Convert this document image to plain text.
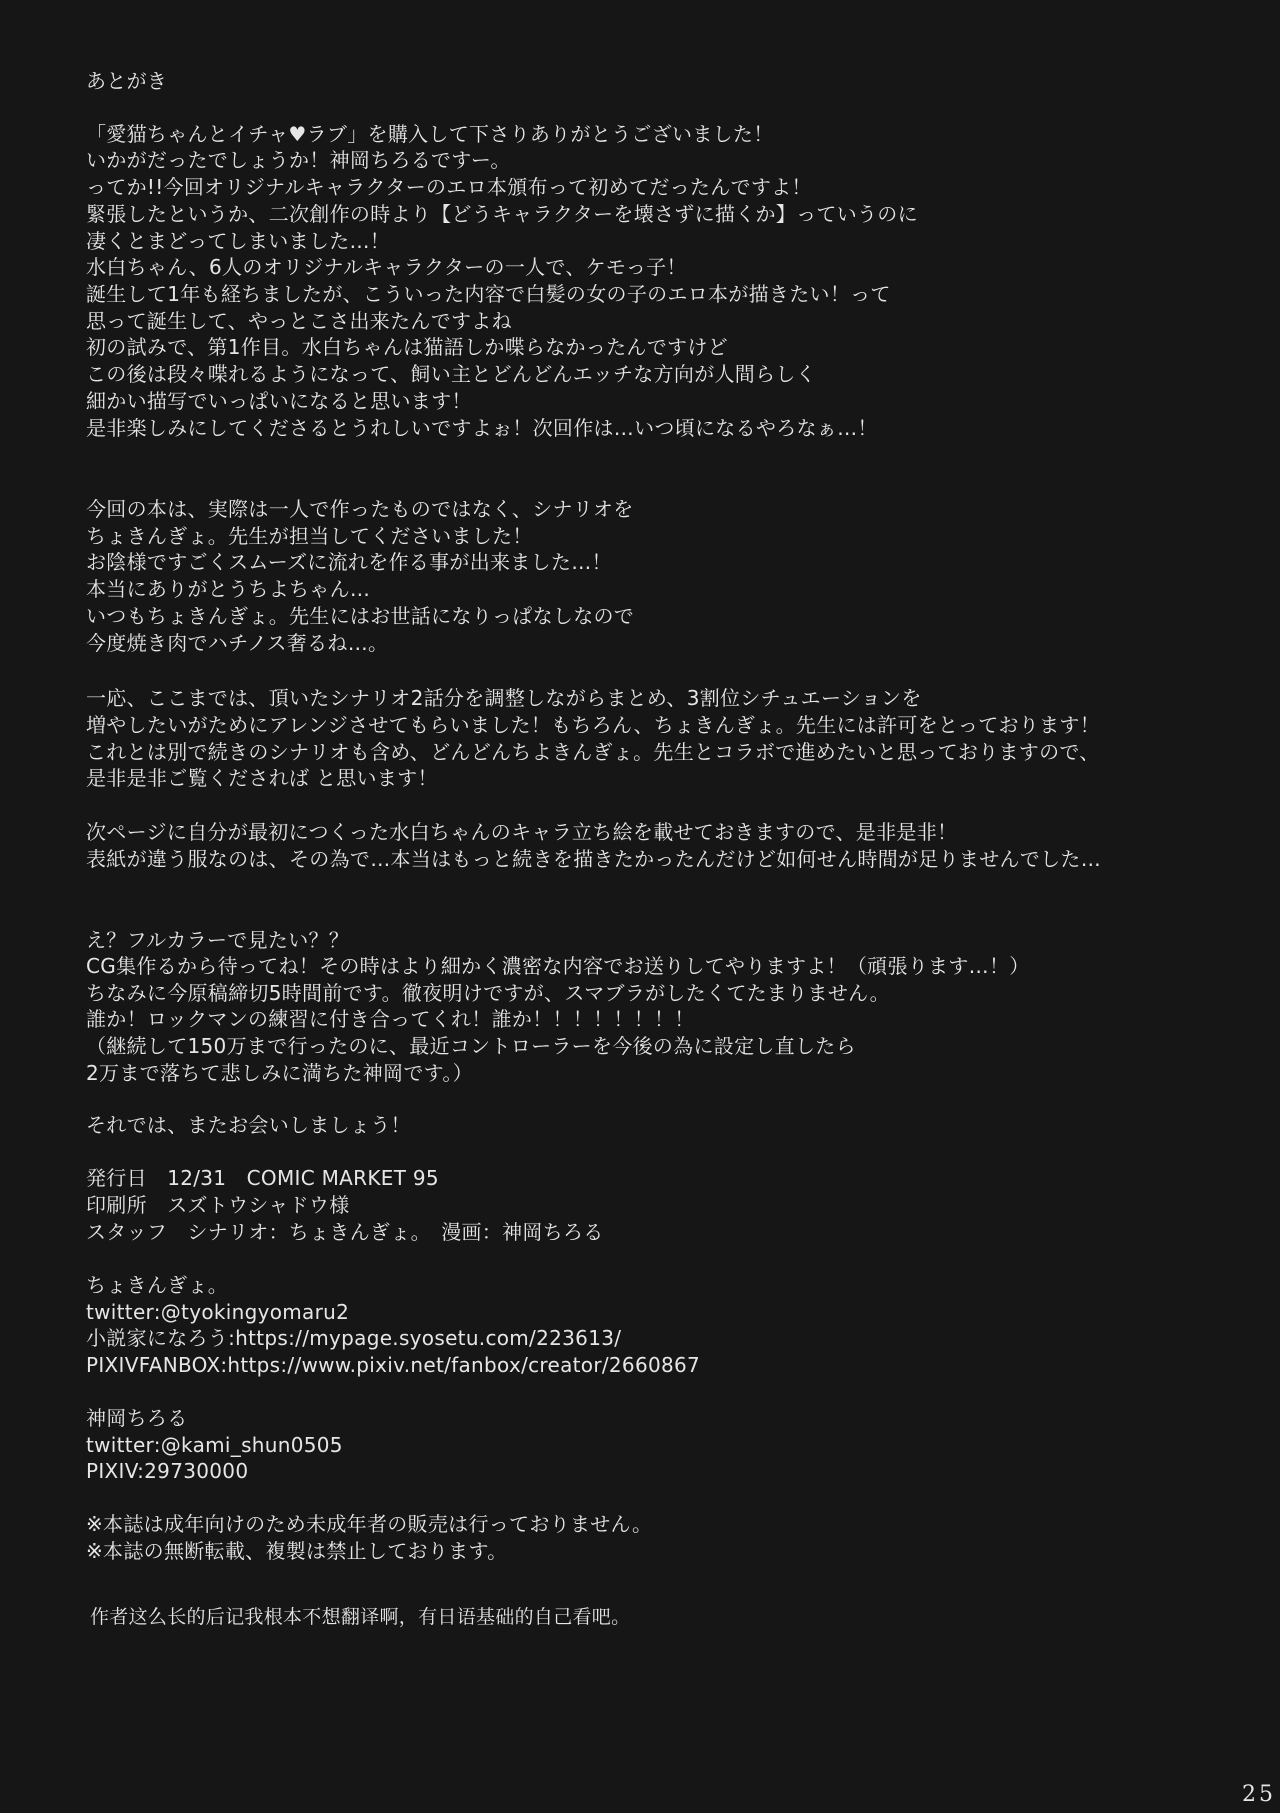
あとがき
「愛猫ちゃんとイチャ♥ラブ」を購入して下さりありがとうございました！
いかがだったでしょうか！神岡ちろるですー。
ってか!!今回オリジナルキャラクターのエロ本頒布って初めてだったんですよ！
緊張したというか、二次創作の時より【どうキャラクターを壊さずに描くか】っていうのに
凄くとまどってしまいました…！
水白ちゃん、6人のオリジナルキャラクターの一人で、ケモっ子！
誕生して1年も経ちましたが、こういった内容で白髪の女の子のエロ本が描きたい！って
思って誕生して、やっとこさ出来たんですよね
初の試みで、第1作目。水白ちゃんは猫語しか喋らなかったんですけど
この後は段々喋れるようになって、飼い主とどんどんエッチな方向が人間らしく
細かい描写でいっぱいになると思います！
是非楽しみにしてくださるとうれしいですよぉ！次回作は…いつ頃になるやろなぁ…！
今回の本は、実際は一人で作ったものではなく、シナリオを
ちょきんぎょ。先生が担当してくださいました！
お陰様ですごくスムーズに流れを作る事が出来ました…！
本当にありがとうちよちゃん…
いつもちょきんぎょ。先生にはお世話になりっぱなしなので
今度焼き肉でハチノス奢るね…。
一応、ここまでは、頂いたシナリオ2話分を調整しながらまとめ、3割位シチュエーションを
増やしたいがためにアレンジさせてもらいました！もちろん、ちょきんぎょ。先生には許可をとっております！
これとは別で続きのシナリオも含め、どんどんちよきんぎょ。先生とコラボで進めたいと思っておりますので、
是非是非ご覧くだされば と思います！
次ページに自分が最初につくった水白ちゃんのキャラ立ち絵を載せておきますので、是非是非！
表紙が違う服なのは、その為で…本当はもっと続きを描きたかったんだけど如何せん時間が足りませんでした…
え？フルカラーで見たい？？
CG集作るから待ってね！その時はより細かく濃密な内容でお送りしてやりますよ！（頑張ります…！）
ちなみに今原稿締切5時間前です。徹夜明けですが、スマブラがしたくてたまりません。
誰か！ロックマンの練習に付き合ってくれ！誰か！！！！！！！！
（継続して150万まで行ったのに、最近コントローラーを今後の為に設定し直したら
2万まで落ちて悲しみに満ちた神岡です。）
それでは、またお会いしましょう！
発行日　12/31　COMIC MARKET 95
印刷所　スズトウシャドウ様
スタッフ　シナリオ：ちょきんぎょ。　漫画：神岡ちろる
ちょきんぎょ。
twitter:@tyokingyomaru2
小説家になろう:https://mypage.syosetu.com/223613/
PIXIVFANBOX:https://www.pixiv.net/fanbox/creator/2660867
神岡ちろる
twitter:@kami_shun0505
PIXIV:29730000
※本誌は成年向けのため未成年者の販売は行っておりません。
※本誌の無断転載、複製は禁止しております。
作者这么长的后记我根本不想翻译啊，有日语基础的自己看吧。
25
